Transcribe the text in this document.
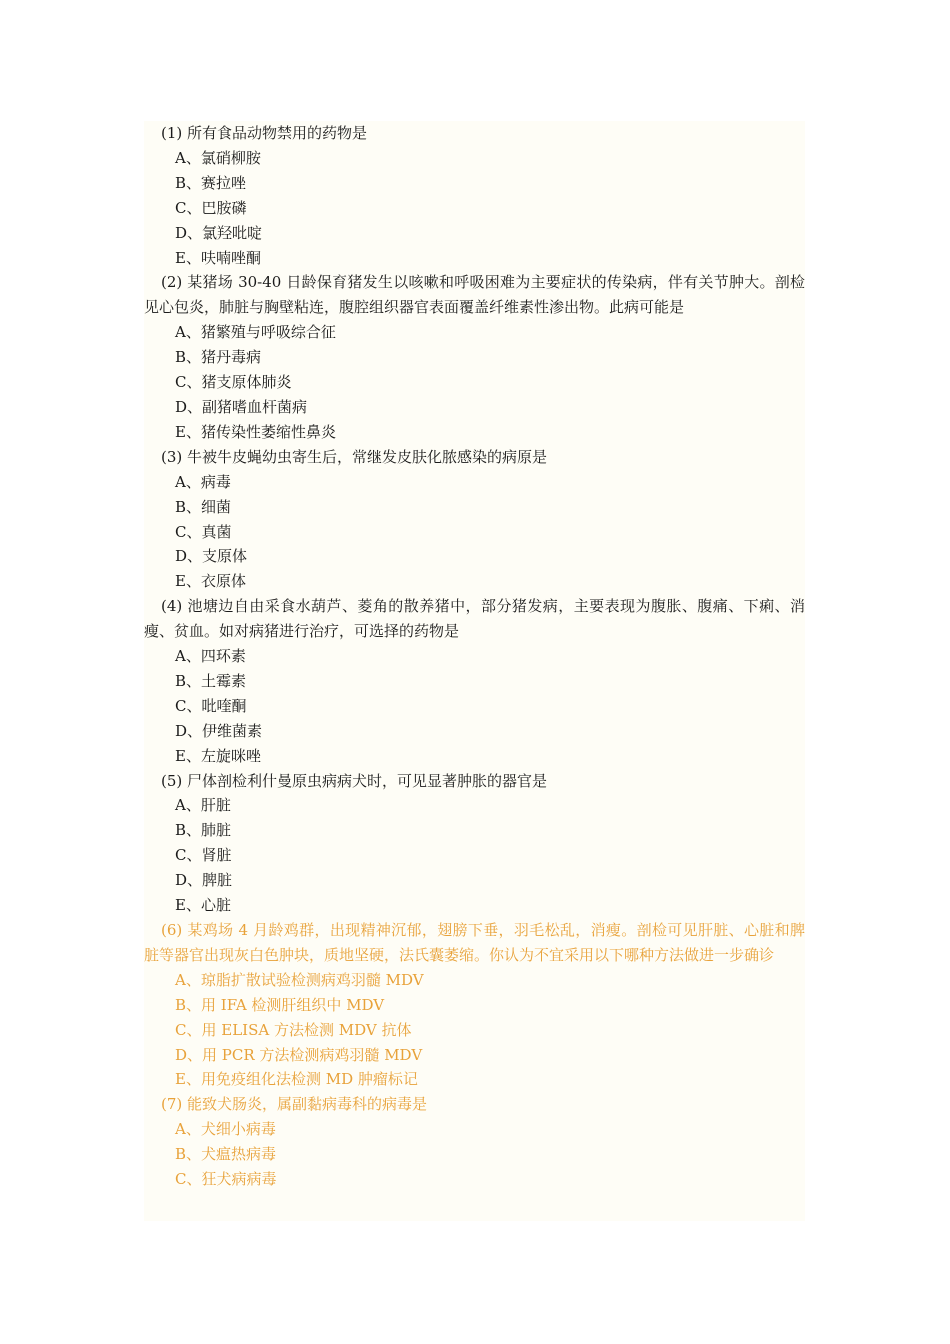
(1) 所有食品动物禁用的药物是

A、氯硝柳胺

B、赛拉唑

C、巴胺磷

D、氯羟吡啶

E、呋喃唑酮

(2) 某猪场 30-40 日龄保育猪发生以咳嗽和呼吸困难为主要症状的传染病，伴有关节肿大。剖检见心包炎，肺脏与胸壁粘连，腹腔组织器官表面覆盖纤维素性渗出物。此病可能是

A、猪繁殖与呼吸综合征

B、猪丹毒病

C、猪支原体肺炎

D、副猪嗜血杆菌病

E、猪传染性萎缩性鼻炎

(3) 牛被牛皮蝇幼虫寄生后，常继发皮肤化脓感染的病原是

A、病毒

B、细菌

C、真菌

D、支原体

E、衣原体

(4) 池塘边自由采食水葫芦、菱角的散养猪中，部分猪发病，主要表现为腹胀、腹痛、下痢、消瘦、贫血。如对病猪进行治疗，可选择的药物是

A、四环素

B、土霉素

C、吡喹酮

D、伊维菌素

E、左旋咪唑

(5) 尸体剖检利什曼原虫病病犬时，可见显著肿胀的器官是

A、肝脏

B、肺脏

C、肾脏

D、脾脏

E、心脏

(6) 某鸡场 4 月龄鸡群，出现精神沉郁，翅膀下垂，羽毛松乱，消瘦。剖检可见肝脏、心脏和脾脏等器官出现灰白色肿块，质地坚硬，法氏囊萎缩。你认为不宜采用以下哪种方法做进一步确诊

A、琼脂扩散试验检测病鸡羽髓 MDV

B、用 IFA 检测肝组织中 MDV

C、用 ELISA 方法检测 MDV 抗体

D、用 PCR 方法检测病鸡羽髓 MDV

E、用免疫组化法检测 MD 肿瘤标记

(7) 能致犬肠炎，属副黏病毒科的病毒是

A、犬细小病毒

B、犬瘟热病毒

C、狂犬病病毒
